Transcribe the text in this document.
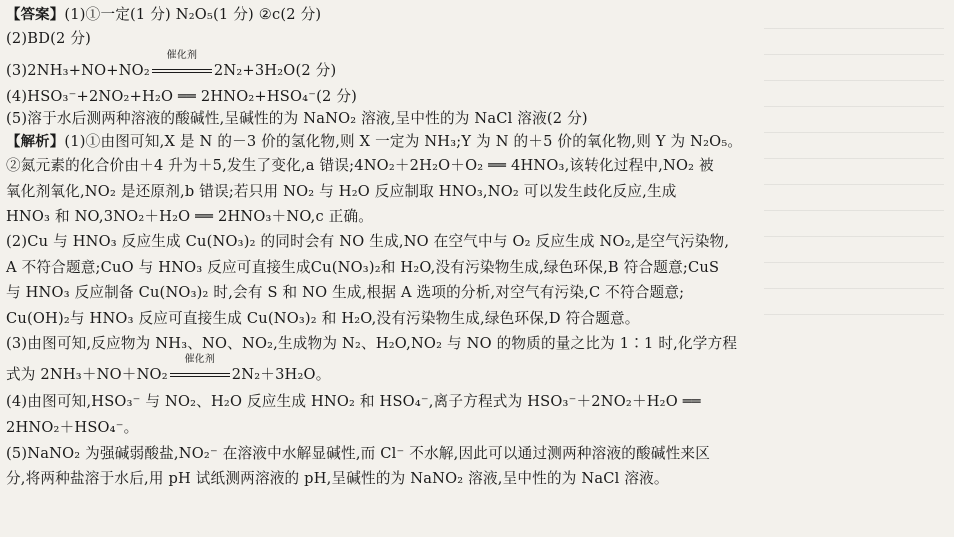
【答案】(1)①一定(1 分) N₂O₅(1 分) ②c(2 分)
(2)BD(2 分)
(3)2NH₃+NO+NO₂
催化剂
2N₂+3H₂O(2 分)
(4)HSO₃⁻+2NO₂+H₂O ══ 2HNO₂+HSO₄⁻(2 分)
(5)溶于水后测两种溶液的酸碱性,呈碱性的为 NaNO₂ 溶液,呈中性的为 NaCl 溶液(2 分)
【解析】(1)①由图可知,X 是 N 的－3 价的氢化物,则 X 一定为 NH₃;Y 为 N 的＋5 价的氧化物,则 Y 为 N₂O₅。
②氮元素的化合价由＋4 升为＋5,发生了变化,a 错误;4NO₂＋2H₂O＋O₂ ══ 4HNO₃,该转化过程中,NO₂ 被
氧化剂氧化,NO₂ 是还原剂,b 错误;若只用 NO₂ 与 H₂O 反应制取 HNO₃,NO₂ 可以发生歧化反应,生成
HNO₃ 和 NO,3NO₂＋H₂O ══ 2HNO₃＋NO,c 正确。
(2)Cu 与 HNO₃ 反应生成 Cu(NO₃)₂ 的同时会有 NO 生成,NO 在空气中与 O₂ 反应生成 NO₂,是空气污染物,
A 不符合题意;CuO 与 HNO₃ 反应可直接生成Cu(NO₃)₂和 H₂O,没有污染物生成,绿色环保,B 符合题意;CuS
与 HNO₃ 反应制备 Cu(NO₃)₂ 时,会有 S 和 NO 生成,根据 A 选项的分析,对空气有污染,C 不符合题意;
Cu(OH)₂与 HNO₃ 反应可直接生成 Cu(NO₃)₂ 和 H₂O,没有污染物生成,绿色环保,D 符合题意。
(3)由图可知,反应物为 NH₃、NO、NO₂,生成物为 N₂、H₂O,NO₂ 与 NO 的物质的量之比为 1∶1 时,化学方程
式为 2NH₃＋NO＋NO₂
催化剂
2N₂＋3H₂O。
(4)由图可知,HSO₃⁻ 与 NO₂、H₂O 反应生成 HNO₂ 和 HSO₄⁻,离子方程式为 HSO₃⁻＋2NO₂＋H₂O ══
2HNO₂＋HSO₄⁻。
(5)NaNO₂ 为强碱弱酸盐,NO₂⁻ 在溶液中水解显碱性,而 Cl⁻ 不水解,因此可以通过测两种溶液的酸碱性来区
分,将两种盐溶于水后,用 pH 试纸测两溶液的 pH,呈碱性的为 NaNO₂ 溶液,呈中性的为 NaCl 溶液。
